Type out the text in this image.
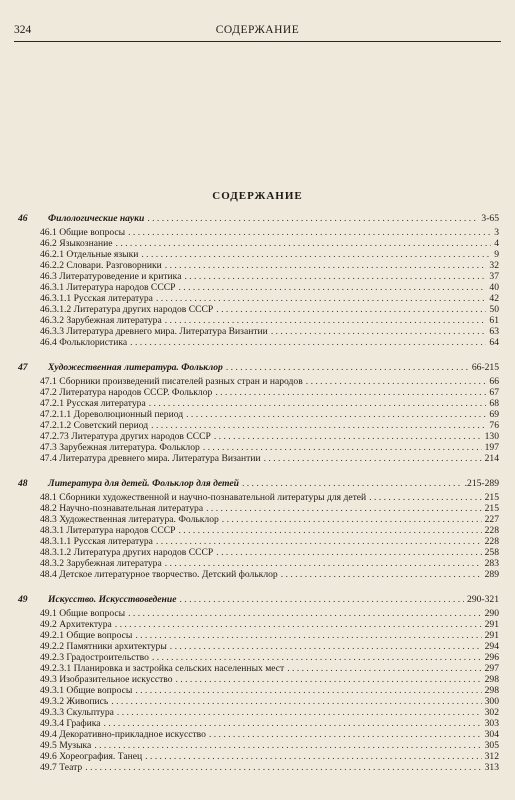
324	СОДЕРЖАНИЕ
СОДЕРЖАНИЕ
46 Филологические науки . . .	3-65
46.1 Общие вопросы . . .	3
46.2 Языкознание . . .	4
46.2.1 Отдельные языки . . .	9
46.2.2 Словари. Разговорники . . .	32
46.3 Литературоведение и критика . . .	37
46.3.1 Литература народов СССР . . .	40
46.3.1.1 Русская литература . . .	42
46.3.1.2 Литература других народов СССР . . .	50
46.3.2 Зарубежная литература . . .	61
46.3.3 Литература древнего мира. Литература Византии . . .	63
46.4 Фольклористика . . .	64
47 Художественная литература. Фольклор . . .	66-215
47.1 Сборники произведений писателей разных стран и народов . . .	66
47.2 Литература народов СССР. Фольклор . . .	67
47.2.1 Русская литература . . .	68
47.2.1.1 Дореволюционный период . . .	69
47.2.1.2 Советский период . . .	76
47.2.73 Литература других народов СССР . . .	130
47.3 Зарубежная литература. Фольклор . . .	197
47.4 Литература древнего мира. Литература Византии . . .	214
48 Литература для детей. Фольклор для детей . . .	.215-289
48.1 Сборники художественной и научно-познавательной литературы для детей . . .	215
48.2 Научно-познавательная литература . . .	215
48.3 Художественная литература. Фольклор . . .	227
48.3.1 Литература народов СССР . . .	228
48.3.1.1 Русская литература . . .	228
48.3.1.2 Литература других народов СССР . . .	258
48.3.2 Зарубежная литература . . .	283
48.4 Детское литературное творчество. Детский фольклор . . .	289
49 Искусство. Искусствоведение . . .	290-321
49.1 Общие вопросы . . .	290
49.2 Архитектура . . .	291
49.2.1 Общие вопросы . . .	291
49.2.2 Памятники архитектуры . . .	294
49.2.3 Градостроительство . . .	296
49.2.3.1 Планировка и застройка сельских населенных мест . . .	297
49.3 Изобразительное искусство . . .	298
49.3.1 Общие вопросы . . .	298
49.3.2 Живопись . . .	300
49.3.3 Скульптура . . .	302
49.3.4 Графика . . .	303
49.4 Декоративно-прикладное искусство . . .	304
49.5 Музыка . . .	305
49.6 Хореография. Танец . . .	312
49.7 Театр . . .	313
